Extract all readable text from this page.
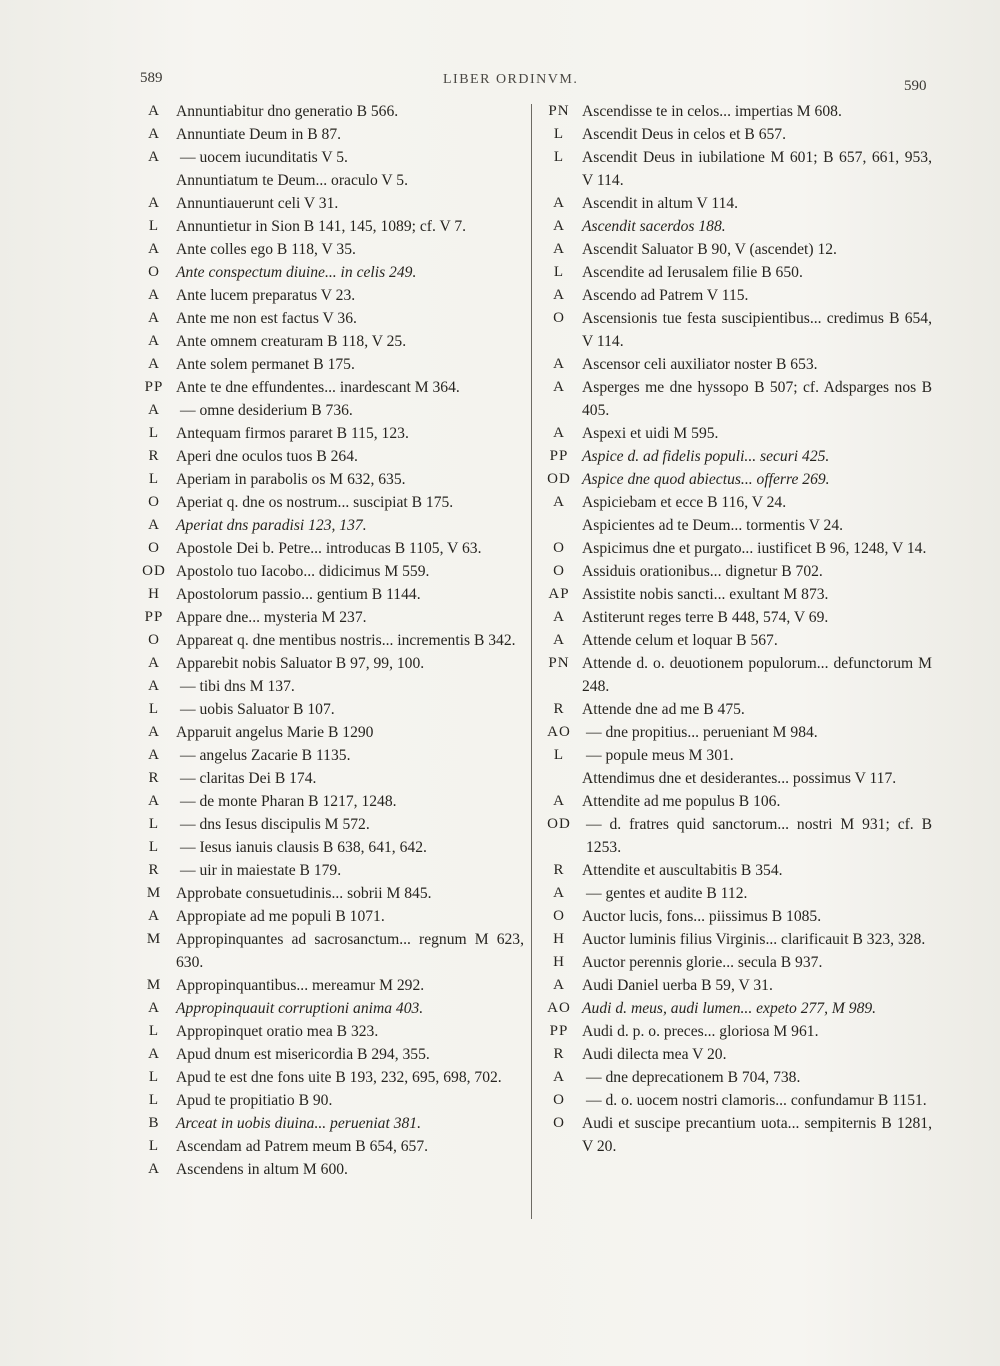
589	LIBER ORDINVM.	590
A	Annuntiabitur dno generatio B 566.
A	Annuntiate Deum in B 87.
A	— uocem iucunditatis V 5.
Annuntiatum te Deum... oraculo V 5.
A	Annuntiauerunt celi V 31.
L	Annuntietur in Sion B 141, 145, 1089; cf. V 7.
A	Ante colles ego B 118, V 35.
O	Ante conspectum diuine... in celis 249.
A	Ante lucem preparatus V 23.
A	Ante me non est factus V 36.
A	Ante omnem creaturam B 118, V 25.
A	Ante solem permanet B 175.
PP Ante te dne effundentes... inardescant M 364.
A	— omne desiderium B 736.
L	Antequam firmos pararet B 115, 123.
R	Aperi dne oculos tuos B 264.
L	Aperiam in parabolis os M 632, 635.
O	Aperiat q. dne os nostrum... suscipiat B 175.
A	Aperiat dns paradisi 123, 137.
O	Apostole Dei b. Petre... introducas B 1105, V 63.
OD Apostolo tuo Iacobo... didicimus M 559.
H	Apostolorum passio... gentium B 1144.
PP Appare dne... mysteria M 237.
O	Appareat q. dne mentibus nostris... incrementis B 342.
A	Apparebit nobis Saluator B 97, 99, 100.
A	— tibi dns M 137.
L	— uobis Saluator B 107.
A	Apparuit angelus Marie B 1290
A	— angelus Zacarie B 1135.
R	— claritas Dei B 174.
A	— de monte Pharan B 1217, 1248.
L	— dns Iesus discipulis M 572.
L	— Iesus ianuis clausis B 638, 641, 642.
R	— uir in maiestate B 179.
M Approbate consuetudinis... sobrii M 845.
A	Appropiate ad me populi B 1071.
M Appropinquantes ad sacrosanctum... regnum M 623, 630.
M Appropinquantibus... mereamur M 292.
A	Appropinquauit corruptioni anima 403.
L	Appropinquet oratio mea B 323.
A	Apud dnum est misericordia B 294, 355.
L	Apud te est dne fons uite B 193, 232, 695, 698, 702.
L	Apud te propitiatio B 90.
B	Arceat in uobis diuina... perueniat 381.
L	Ascendam ad Patrem meum B 654, 657.
A	Ascendens in altum M 600.
PN Ascendisse te in celos... impertias M 608.
L	Ascendit Deus in celos et B 657.
L	Ascendit Deus in iubilatione M 601; B 657, 661, 953, V 114.
A	Ascendit in altum V 114.
A	Ascendit sacerdos 188.
A	Ascendit Saluator B 90, V (ascendet) 12.
L	Ascendite ad Ierusalem filie B 650.
A	Ascendo ad Patrem V 115.
O	Ascensionis tue festa suscipientibus... credimus B 654, V 114.
A	Ascensor celi auxiliator noster B 653.
A	Asperges me dne hyssopo B 507; cf. Adsparges nos B 405.
A	Aspexi et uidi M 595.
PP Aspice d. ad fidelis populi... securi 425.
OD Aspice dne quod abiectus... offerre 269.
A	Aspiciebam et ecce B 116, V 24.
Aspicientes ad te Deum... tormentis V 24.
O	Aspicimus dne et purgato... iustificet B 96, 1248, V 14.
O	Assiduis orationibus... dignetur B 702.
AP Assistite nobis sancti... exultant M 873.
A	Astiterunt reges terre B 448, 574, V 69.
A	Attende celum et loquar B 567.
PN Attende d. o. deuotionem populorum... defunctorum M 248.
R	Attende dne ad me B 475.
AO — dne propitius... perueniant M 984.
L	— popule meus M 301.
Attendimus dne et desiderantes... possimus V 117.
A	Attendite ad me populus B 106.
OD — d. fratres quid sanctorum... nostri M 931; cf. B 1253.
R	Attendite et auscultabitis B 354.
A	— gentes et audite B 112.
O	Auctor lucis, fons... piissimus B 1085.
H	Auctor luminis filius Virginis... clarificauit B 323, 328.
H	Auctor perennis glorie... secula B 937.
A	Audi Daniel uerba B 59, V 31.
AO Audi d. meus, audi lumen... expeto 277, M 989.
PP Audi d. p. o. preces... gloriosa M 961.
R	Audi dilecta mea V 20.
A	— dne deprecationem B 704, 738.
O	— d. o. uocem nostri clamoris... confundamur B 1151.
O	Audi et suscipe precantium uota... sempiternis B 1281, V 20.
